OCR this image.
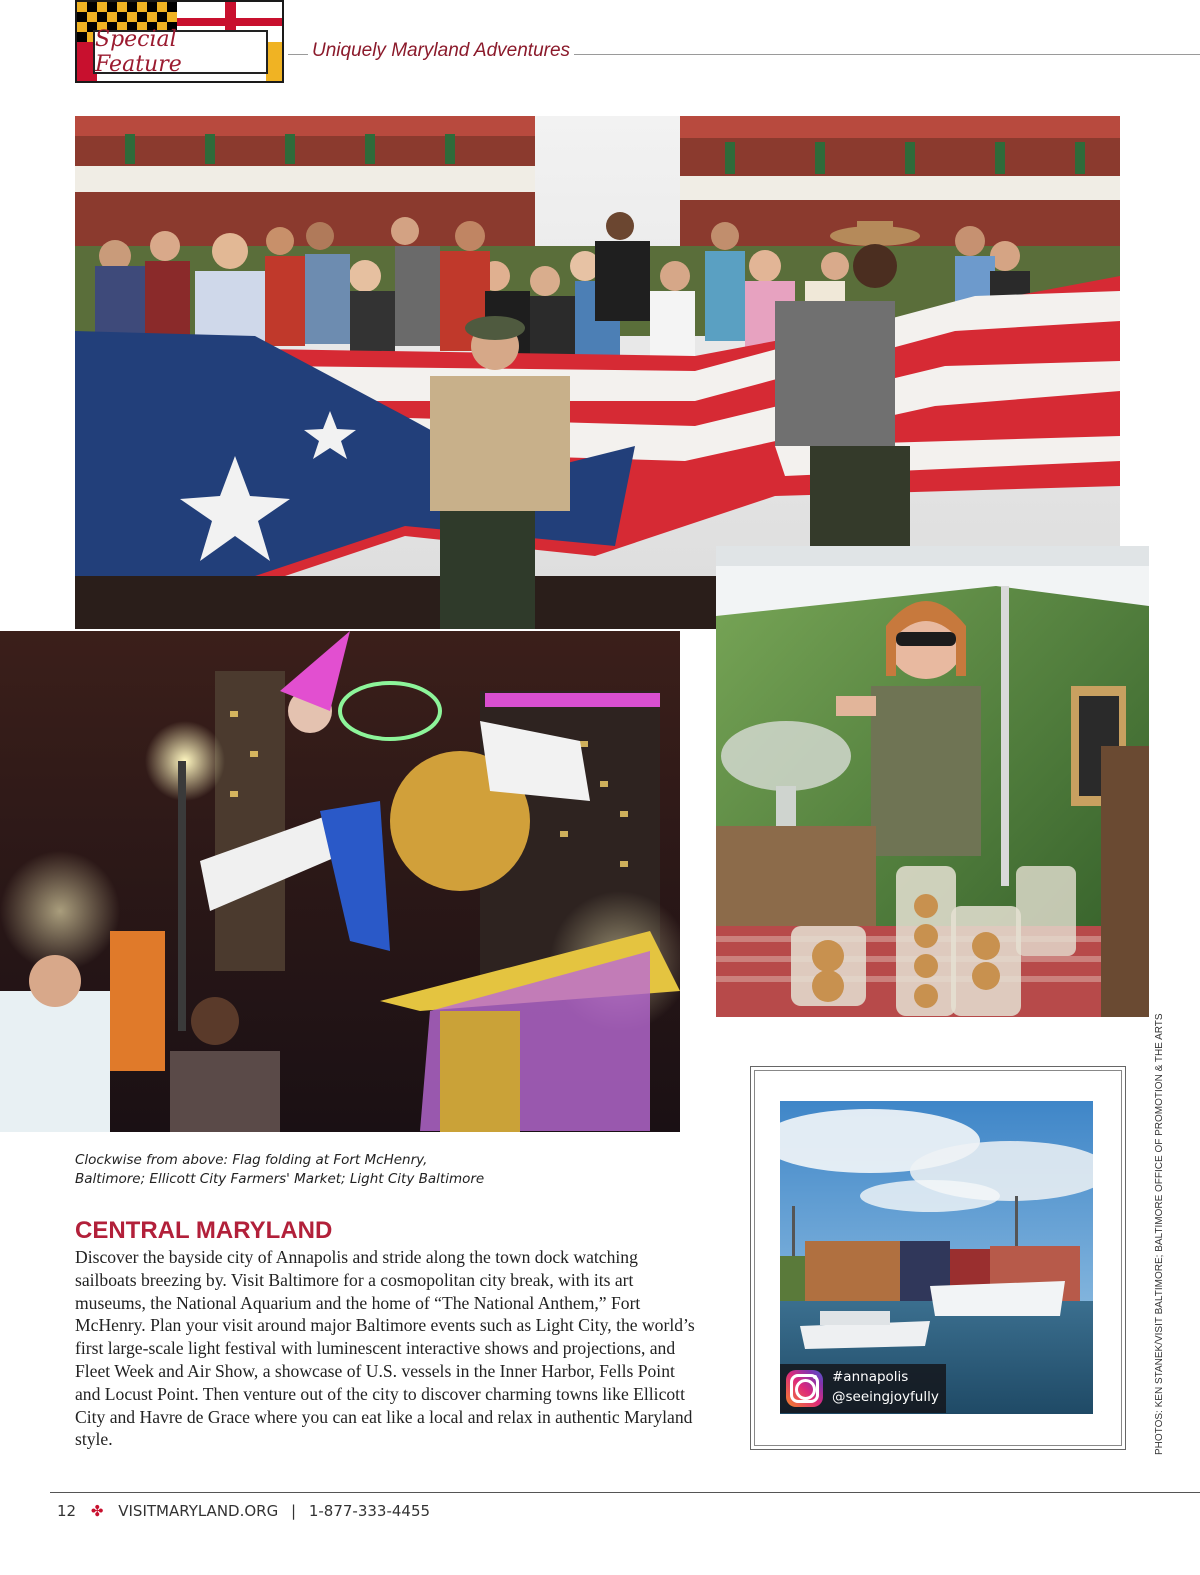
Special Feature
Uniquely Maryland Adventures
Clockwise from above: Flag folding at Fort McHenry,
Baltimore; Ellicott City Farmers' Market; Light City Baltimore
CENTRAL MARYLAND
Discover the bayside city of Annapolis and stride along the town dock watching sailboats breezing by. Visit Baltimore for a cosmopolitan city break, with its art museums, the National Aquarium and the home of “The National Anthem,” Fort McHenry. Plan your visit around major Baltimore events such as Light City, the world’s first large-scale light festival with luminescent interactive shows and projections, and Fleet Week and Air Show, a showcase of U.S. vessels in the Inner Harbor, Fells Point and Locust Point. Then venture out of the city to discover charming towns like Ellicott City and Havre de Grace where you can eat like a local and relax in authentic Maryland style.
#annapolis
@seeingjoyfully	PHOTOS: KEN STANEK/VISIT BALTIMORE; BALTIMORE OFFICE OF PROMOTION & THE ARTS
12 ✤ VISITMARYLAND.ORG | 1-877-333-4455
